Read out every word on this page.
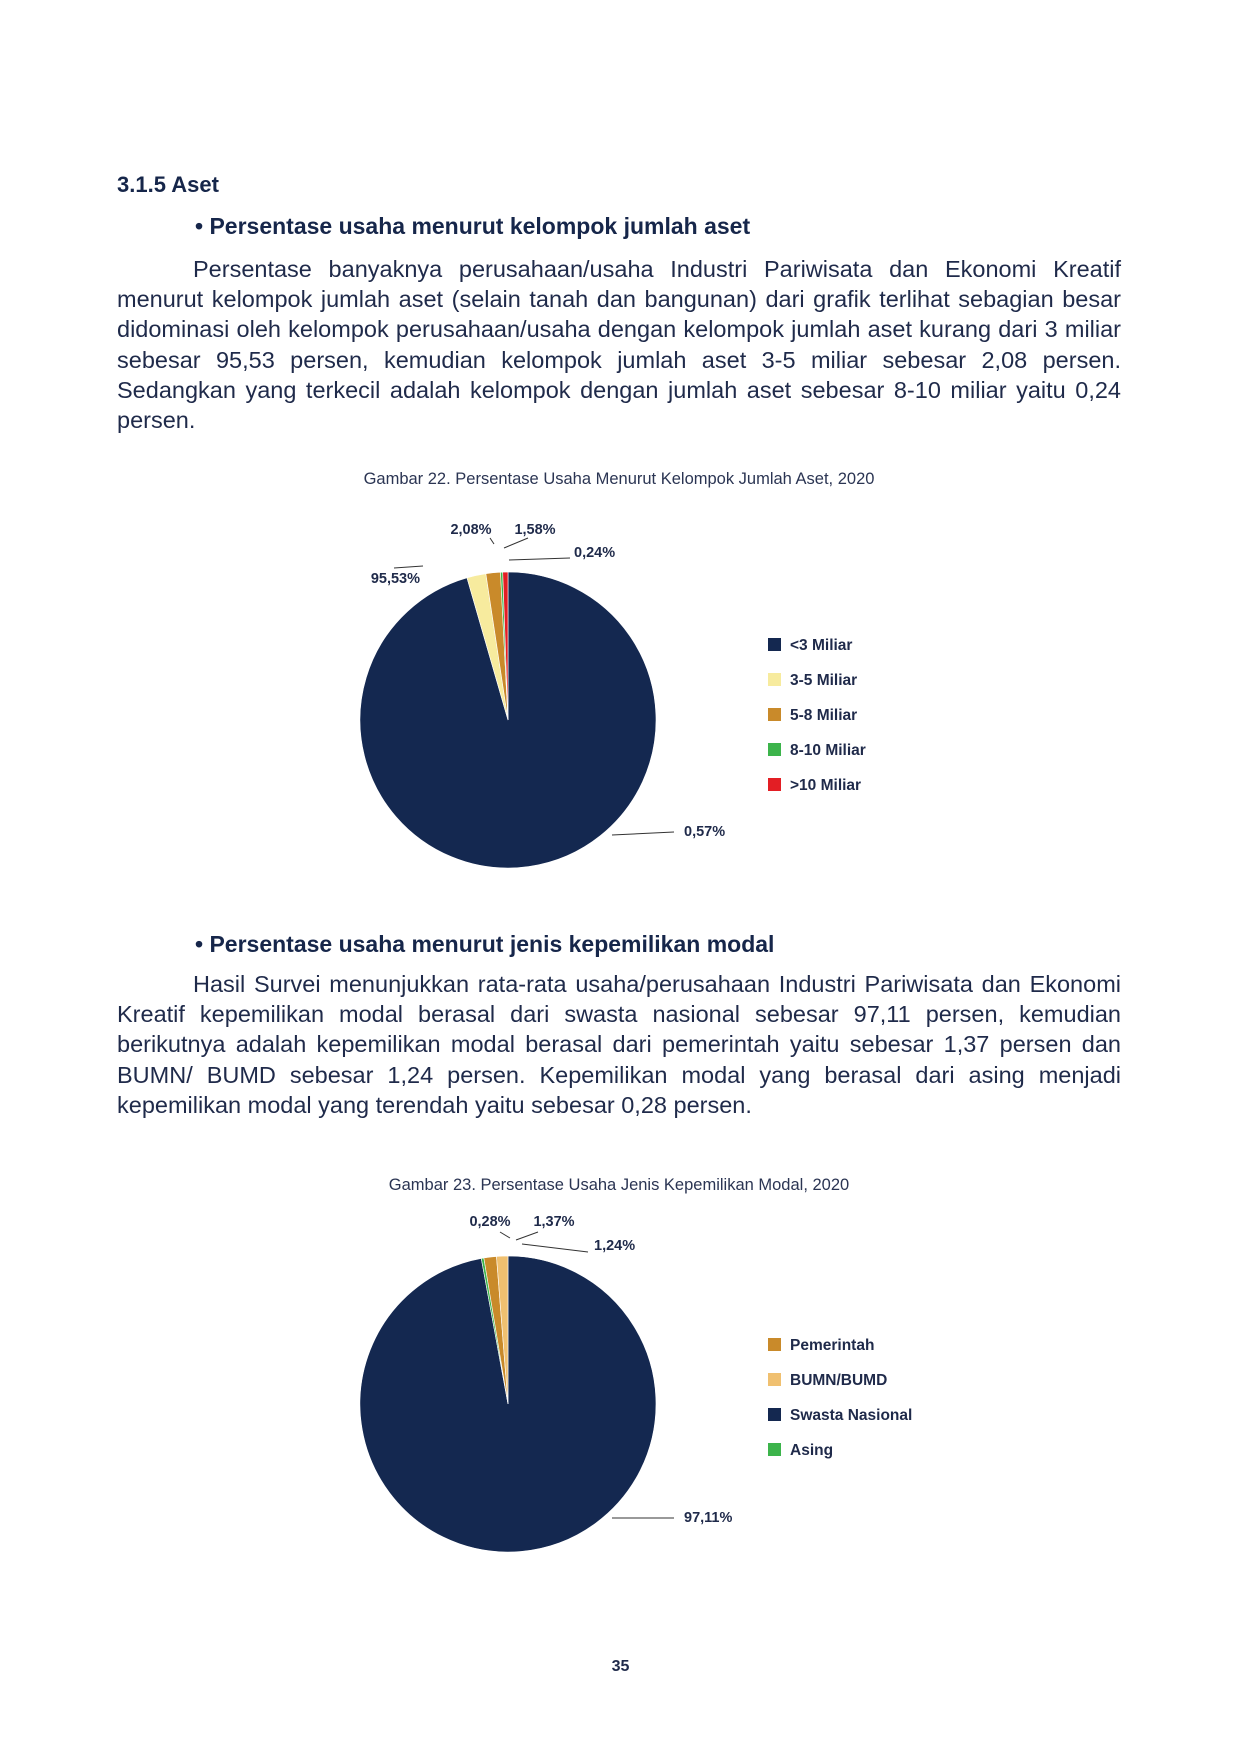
3.1.5 Aset
• Persentase usaha menurut kelompok jumlah aset

Persentase banyaknya perusahaan/usaha Industri Pariwisata dan Ekonomi Kreatif menurut kelompok jumlah aset (selain tanah dan bangunan) dari grafik terlihat sebagian besar didominasi oleh kelompok perusahaan/usaha dengan kelompok jumlah aset kurang dari 3 miliar sebesar 95,53 persen, kemudian kelompok jumlah aset 3-5 miliar sebesar 2,08 persen. Sedangkan yang terkecil adalah kelompok dengan jumlah aset sebesar 8-10 miliar yaitu 0,24 persen.

Gambar 22. Persentase Usaha Menurut Kelompok Jumlah Aset, 2020

95,53%
2,08% 1,58%
0,24%
0,57%
<3 Miliar
3-5 Miliar
5-8 Miliar
8-10 Miliar
>10 Miliar
• Persentase usaha menurut jenis kepemilikan modal

Hasil Survei menunjukkan rata-rata usaha/perusahaan Industri Pariwisata dan Ekonomi Kreatif kepemilikan modal berasal dari swasta nasional sebesar 97,11 persen, kemudian berikutnya adalah kepemilikan modal berasal dari pemerintah yaitu sebesar 1,37 persen dan BUMN/ BUMD sebesar 1,24 persen. Kepemilikan modal yang berasal dari asing menjadi kepemilikan modal yang terendah yaitu sebesar 0,28 persen.

Gambar 23. Persentase Usaha Jenis Kepemilikan Modal, 2020

97,11%
0,28% 1,37%
1,24%
Pemerintah
BUMN/BUMD
Swasta Nasional
Asing
35
